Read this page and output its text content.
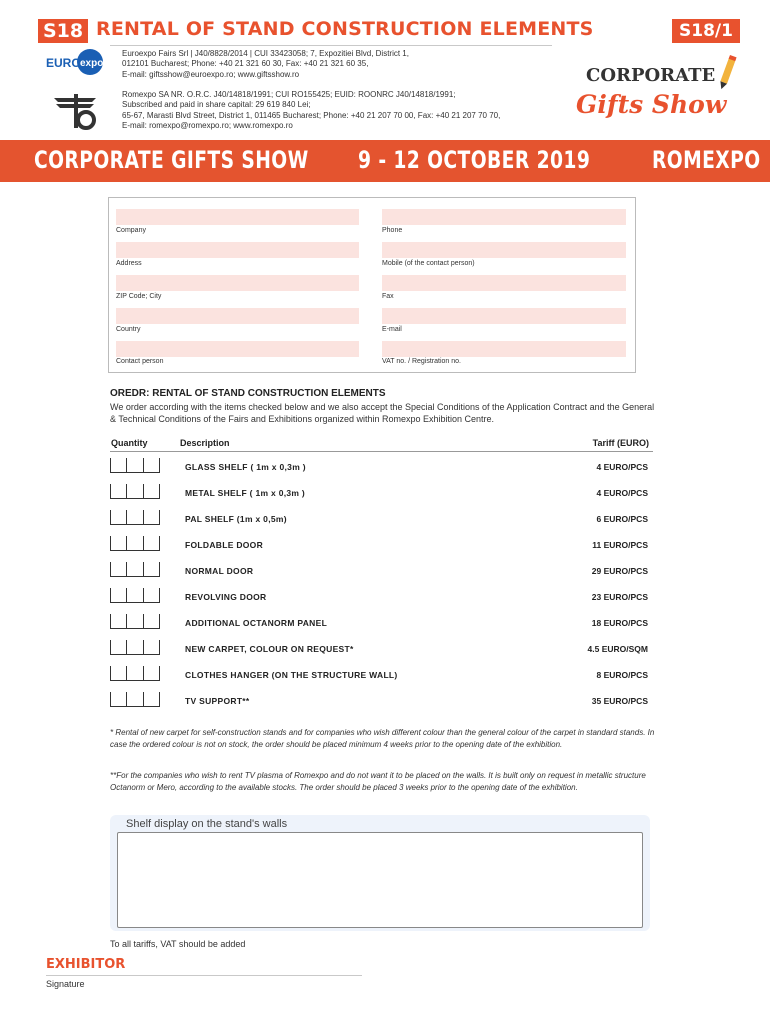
S18 RENTAL OF STAND CONSTRUCTION ELEMENTS	S18/1
EURO expo
Euroexpo Fairs Srl | J40/8828/2014 | CUI 33423058; 7, Expozitiei Blvd, District 1,
012101 Bucharest; Phone: +40 21 321 60 30, Fax: +40 21 321 60 35,
E-mail: giftsshow@euroexpo.ro; www.giftsshow.ro
Romexpo SA NR. O.R.C. J40/14818/1991; CUI RO155425; EUID: ROONRC J40/14818/1991;
Subscribed and paid in share capital: 29 619 840 Lei;
65-67, Marasti Blvd Street, District 1, 011465 Bucharest; Phone: +40 21 207 70 00, Fax: +40 21 207 70 70,
E-mail: romexpo@romexpo.ro; www.romexpo.ro
CORPORATE
Gifts Show
CORPORATE GIFTS SHOW 9 - 12 OCTOBER 2019	ROMEXPO
Company	Phone
Address	Mobile (of the contact person)
ZIP Code; City	Fax
Country	E-mail
Contact person	VAT no. / Registration no.
OREDR: RENTAL OF STAND CONSTRUCTION ELEMENTS
We order according with the items checked below and we also accept the Special Conditions of the Application Contract and the General & Technical Conditions of the Fairs and Exhibitions organized within Romexpo Exhibition Centre.
Quantity	Description	Tariff (EURO)
GLASS SHELF ( 1m x 0,3m )	4 EURO/PCS
METAL SHELF ( 1m x 0,3m )	4 EURO/PCS
PAL SHELF (1m x 0,5m)	6 EURO/PCS
FOLDABLE DOOR	11 EURO/PCS
NORMAL DOOR	29 EURO/PCS
REVOLVING DOOR	23 EURO/PCS
ADDITIONAL OCTANORM PANEL	18 EURO/PCS
NEW CARPET, COLOUR ON REQUEST*	4.5 EURO/SQM
CLOTHES HANGER (ON THE STRUCTURE WALL)	8 EURO/PCS
TV SUPPORT**	35 EURO/PCS
* Rental of new carpet for self-construction stands and for companies who wish different colour than the general colour of the carpet in standard stands. In case the ordered colour is not on stock, the order should be placed minimum 4 weeks prior to the opening date of the exhibition.
**For the companies who wish to rent TV plasma of Romexpo and do not want it to be placed on the walls. It is built only on request in metallic structure Octanorm or Mero, according to the available stocks. The order should be placed 3 weeks prior to the opening date of the exhibition.
Shelf display on the stand's walls
To all tariffs, VAT should be added
EXHIBITOR
Signature
